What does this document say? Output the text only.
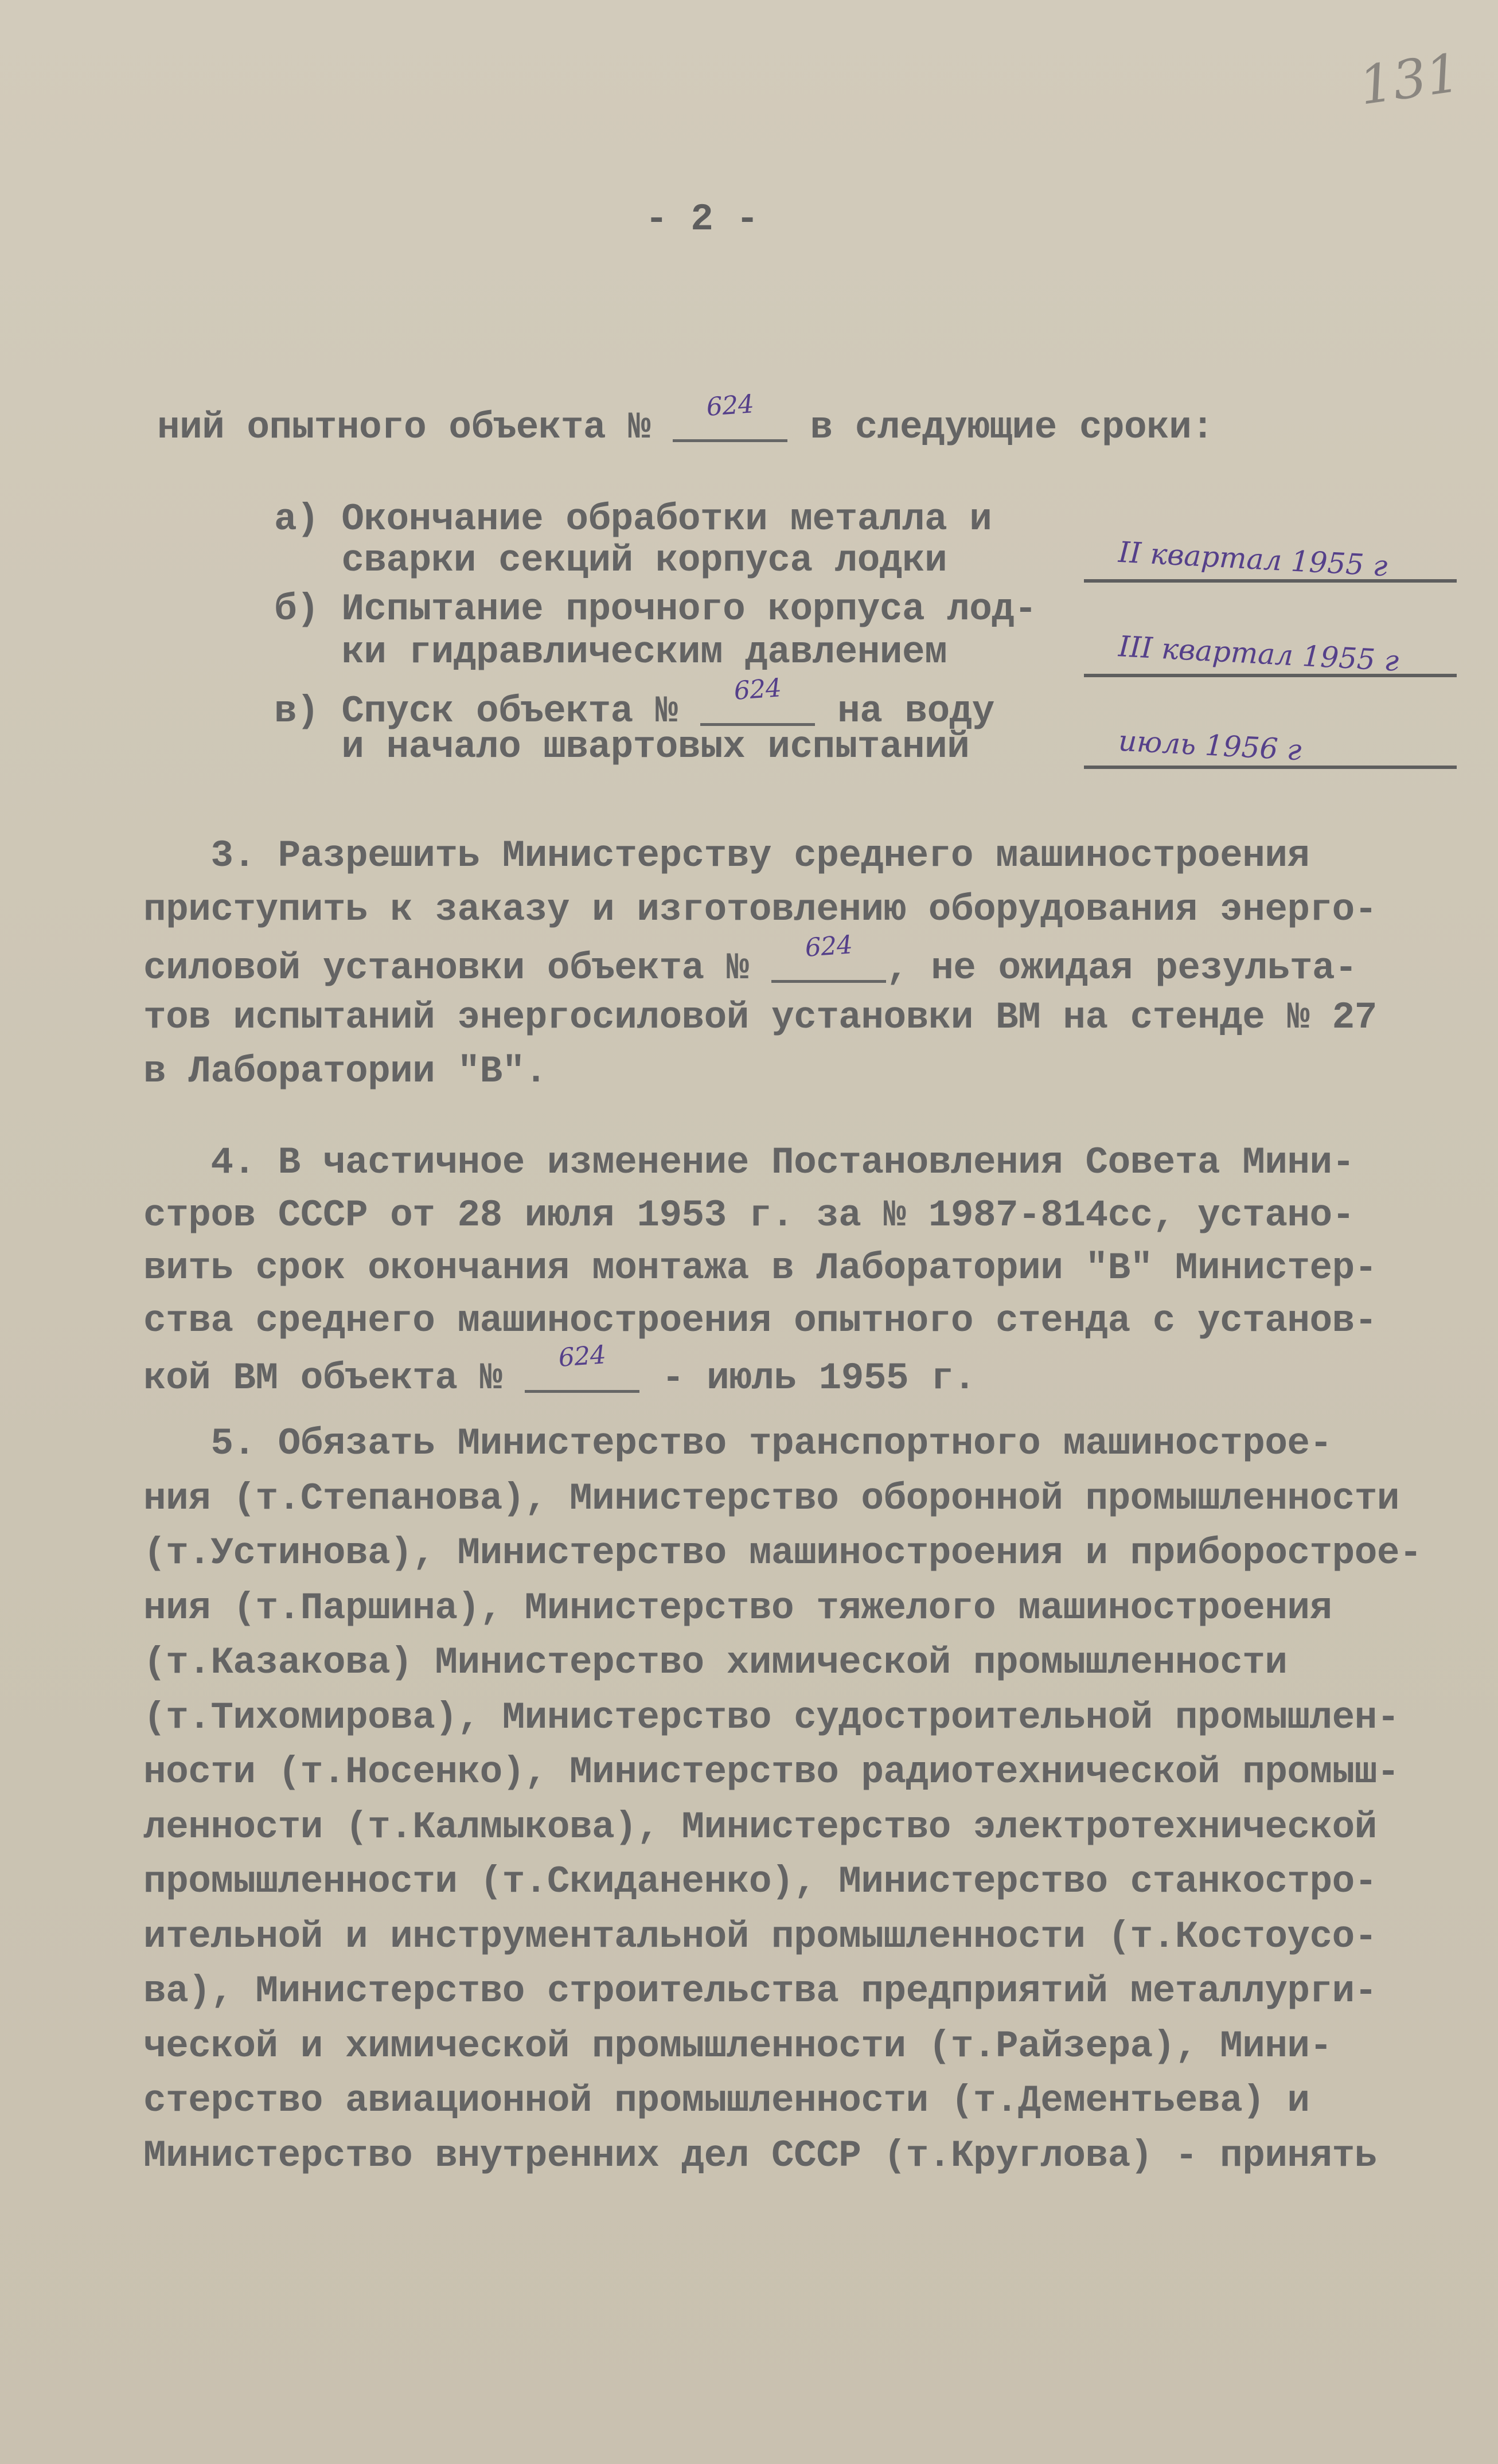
131
- 2 -
ний опытного объекта №
624
в следующие сроки:
а) Окончание обработки металла и
сварки секций корпуса лодки	II квартал 1955 г
б) Испытание прочного корпуса лод-
ки гидравлическим давлением	III квартал 1955 г
в) Спуск объекта №
624
на воду
и начало швартовых испытаний	июль 1956 г
3. Разрешить Министерству среднего машиностроения
приступить к заказу и изготовлению оборудования энерго-
силовой установки объекта №
624
, не ожидая результа-
тов испытаний энергосиловой установки ВМ на стенде № 27
в Лаборатории "В".
4. В частичное изменение Постановления Совета Мини-
стров СССР от 28 июля 1953 г. за № 1987-814сс, устано-
вить срок окончания монтажа в Лаборатории "В" Министер-
ства среднего машиностроения опытного стенда с установ-
кой ВМ объекта №
624
- июль 1955 г.
5. Обязать Министерство транспортного машинострое-
ния (т.Степанова), Министерство оборонной промышленности
(т.Устинова), Министерство машиностроения и приборострое-
ния (т.Паршина), Министерство тяжелого машиностроения
(т.Казакова) Министерство химической промышленности
(т.Тихомирова), Министерство судостроительной промышлен-
ности (т.Носенко), Министерство радиотехнической промыш-
ленности (т.Калмыкова), Министерство электротехнической
промышленности (т.Скиданенко), Министерство станкостро-
ительной и инструментальной промышленности (т.Костоусо-
ва), Министерство строительства предприятий металлурги-
ческой и химической промышленности (т.Райзера), Мини-
стерство авиационной промышленности (т.Дементьева) и
Министерство внутренних дел СССР (т.Круглова) - принять
